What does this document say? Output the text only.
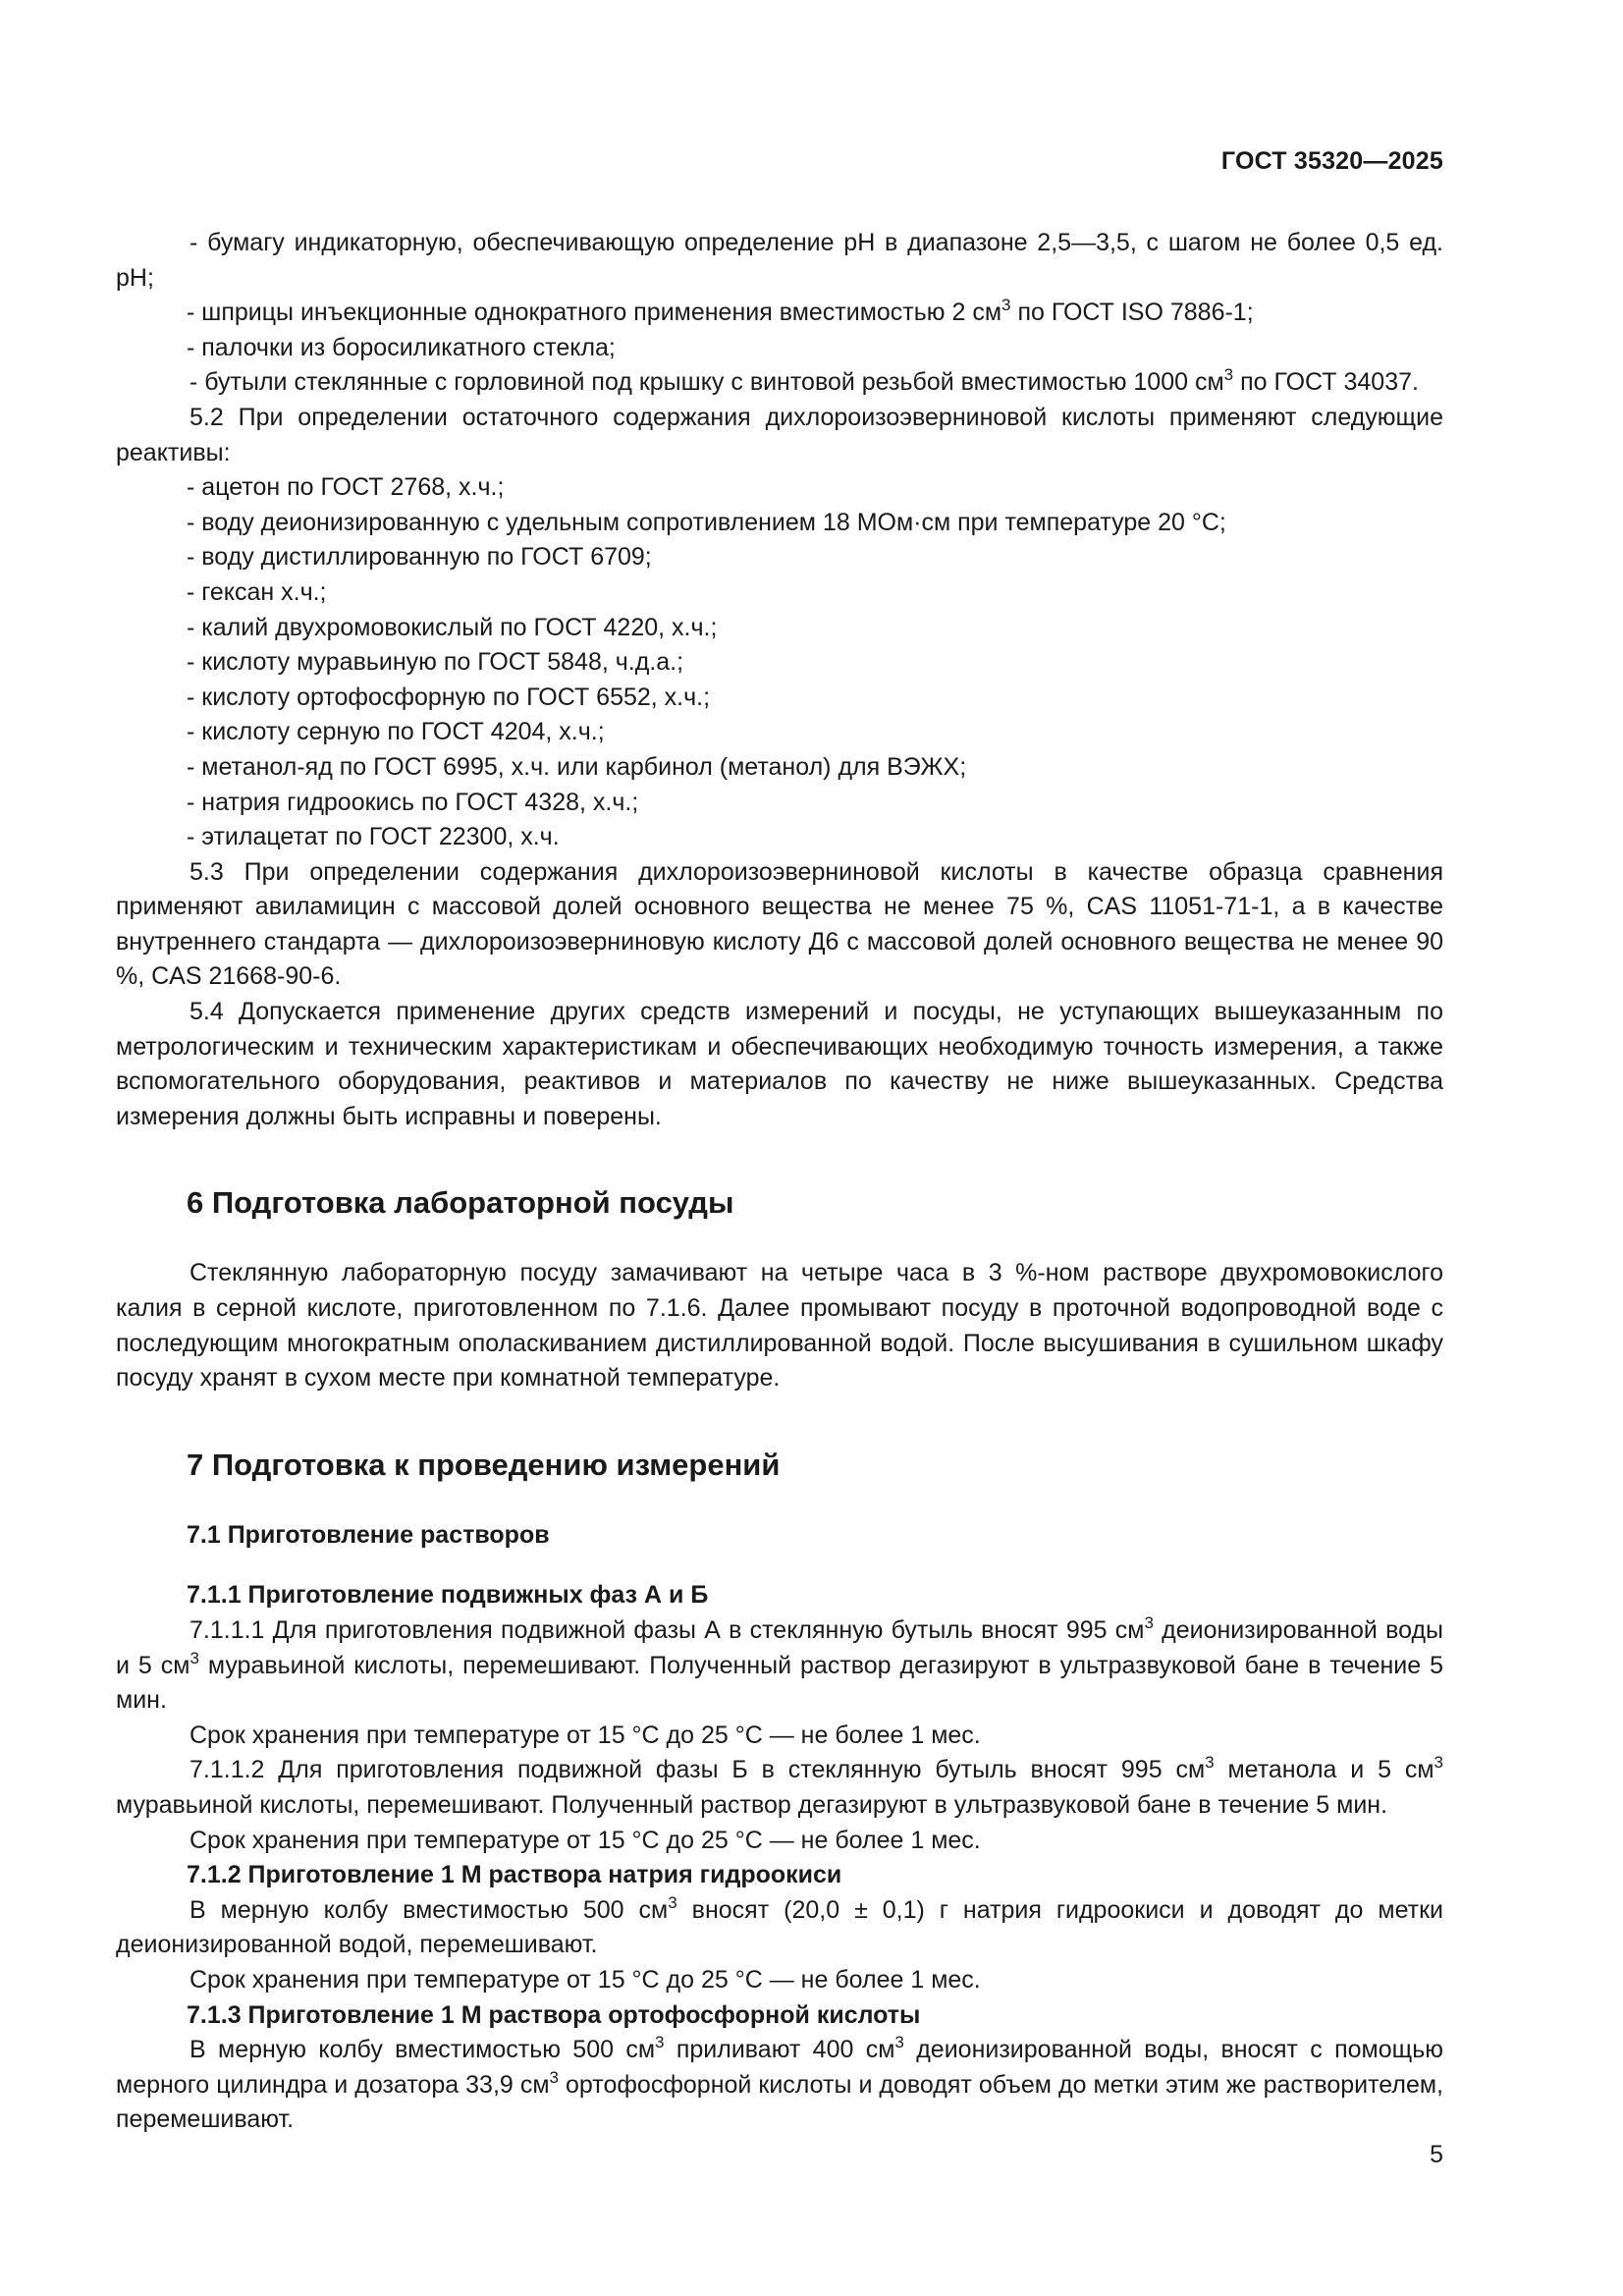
ГОСТ 35320—2025

- бумагу индикаторную, обеспечивающую определение pH в диапазоне 2,5—3,5, с шагом не более 0,5 ед. pH;

- шприцы инъекционные однократного применения вместимостью 2 $см^3$ по ГОСТ ISO 7886-1;

- палочки из боросиликатного стекла;

- бутыли стеклянные с горловиной под крышку с винтовой резьбой вместимостью 1000 $см^3$ по ГОСТ 34037.

5.2 При определении остаточного содержания дихлороизоэверниновой кислоты применяют следующие реактивы:

- ацетон по ГОСТ 2768, х.ч.;

- воду деионизированную с удельным сопротивлением 18 МОм·см при температуре 20 °C;

- воду дистиллированную по ГОСТ 6709;

- гексан х.ч.;

- калий двухромовокислый по ГОСТ 4220, х.ч.;

- кислоту муравьиную по ГОСТ 5848, ч.д.а.;

- кислоту ортофосфорную по ГОСТ 6552, х.ч.;

- кислоту серную по ГОСТ 4204, х.ч.;

- метанол-яд по ГОСТ 6995, х.ч. или карбинол (метанол) для ВЭЖХ;

- натрия гидроокись по ГОСТ 4328, х.ч.;

- этилацетат по ГОСТ 22300, х.ч.

5.3 При определении содержания дихлороизоэверниновой кислоты в качестве образца сравнения применяют авиламицин с массовой долей основного вещества не менее 75 %, CAS 11051-71-1, а в качестве внутреннего стандарта — дихлороизоэверниновую кислоту Д6 с массовой долей основного вещества не менее 90 %, CAS 21668-90-6.

5.4 Допускается применение других средств измерений и посуды, не уступающих вышеуказанным по метрологическим и техническим характеристикам и обеспечивающих необходимую точность измерения, а также вспомогательного оборудования, реактивов и материалов по качеству не ниже вышеуказанных. Средства измерения должны быть исправны и поверены.

6 Подготовка лабораторной посуды

Стеклянную лабораторную посуду замачивают на четыре часа в 3 %-ном растворе двухромовокислого калия в серной кислоте, приготовленном по 7.1.6. Далее промывают посуду в проточной водопроводной воде с последующим многократным ополаскиванием дистиллированной водой. После высушивания в сушильном шкафу посуду хранят в сухом месте при комнатной температуре.

7 Подготовка к проведению измерений
7.1 Приготовление растворов
7.1.1 Приготовление подвижных фаз А и Б

7.1.1.1 Для приготовления подвижной фазы А в стеклянную бутыль вносят 995 $см^3$ деионизированной воды и 5 $см^3$ муравьиной кислоты, перемешивают. Полученный раствор дегазируют в ультразвуковой бане в течение 5 мин.

Срок хранения при температуре от 15 °C до 25 °C — не более 1 мес.

7.1.1.2 Для приготовления подвижной фазы Б в стеклянную бутыль вносят 995 $см^3$ метанола и 5 $см^3$ муравьиной кислоты, перемешивают. Полученный раствор дегазируют в ультразвуковой бане в течение 5 мин.

Срок хранения при температуре от 15 °C до 25 °C — не более 1 мес.

7.1.2 Приготовление 1 М раствора натрия гидроокиси

В мерную колбу вместимостью 500 $см^3$ вносят (20,0 ± 0,1) г натрия гидроокиси и доводят до метки деионизированной водой, перемешивают.

Срок хранения при температуре от 15 °C до 25 °C — не более 1 мес.

7.1.3 Приготовление 1 М раствора ортофосфорной кислоты

В мерную колбу вместимостью 500 $см^3$ приливают 400 $см^3$ деионизированной воды, вносят с помощью мерного цилиндра и дозатора 33,9 $см^3$ ортофосфорной кислоты и доводят объем до метки этим же растворителем, перемешивают.

5
